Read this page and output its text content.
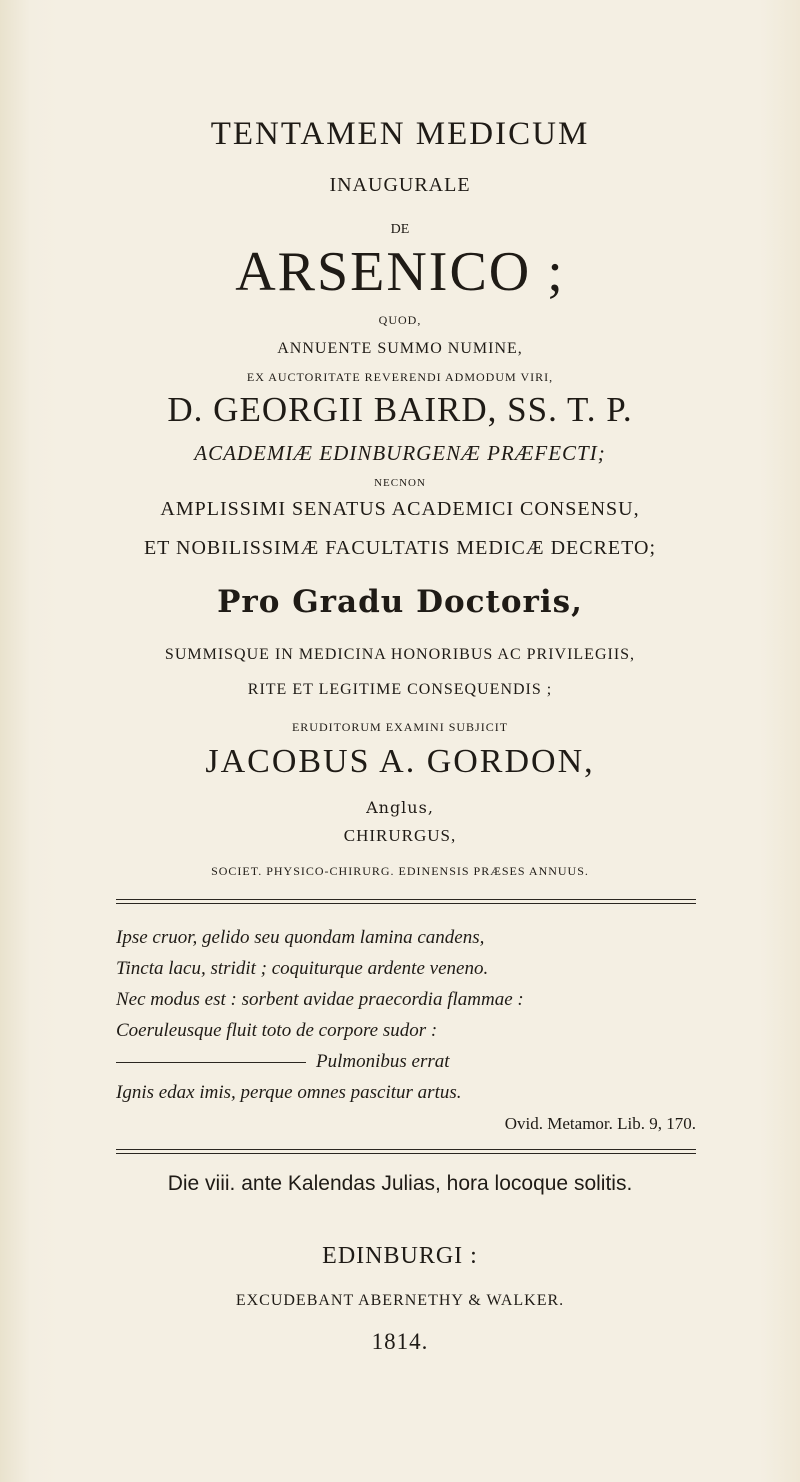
TENTAMEN MEDICUM
INAUGURALE
DE
ARSENICO ;
QUOD,
ANNUENTE SUMMO NUMINE,
EX AUCTORITATE REVERENDI ADMODUM VIRI,
D. GEORGII BAIRD, SS. T. P.
ACADEMIÆ EDINBURGENÆ PRÆFECTI;
NECNON
AMPLISSIMI SENATUS ACADEMICI CONSENSU,
ET NOBILISSIMÆ FACULTATIS MEDICÆ DECRETO;
Pro Gradu Doctoris,
SUMMISQUE IN MEDICINA HONORIBUS AC PRIVILEGIIS,
RITE ET LEGITIME CONSEQUENDIS ;
ERUDITORUM EXAMINI SUBJICIT
JACOBUS A. GORDON,
Anglus,
CHIRURGUS,
SOCIET. PHYSICO-CHIRURG. EDINENSIS PRÆSES ANNUUS.
Ipse cruor, gelido seu quondam lamina candens,
Tincta lacu, stridit ; coquiturque ardente veneno.
Nec modus est : sorbent avidae praecordia flammae :
Coeruleusque fluit toto de corpore sudor :
Pulmonibus errat
Ignis edax imis, perque omnes pascitur artus.
Ovid. Metamor. Lib. 9, 170.
Die viii. ante Kalendas Julias, hora locoque solitis.
EDINBURGI :
EXCUDEBANT ABERNETHY & WALKER.
1814.
